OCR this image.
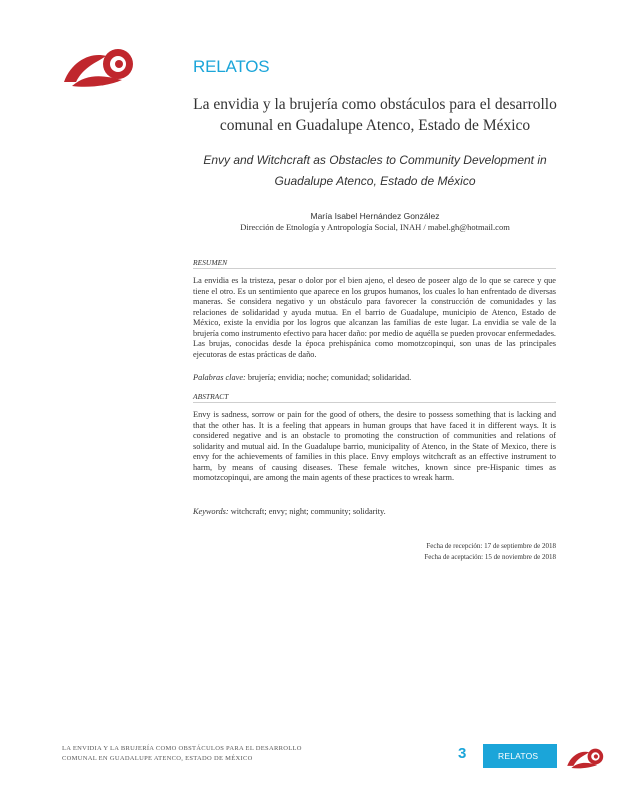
RELATOS
La envidia y la brujería como obstáculos para el desarrollo
comunal en Guadalupe Atenco, Estado de México
Envy and Witchcraft as Obstacles to Community Development in
Guadalupe Atenco, Estado de México
María Isabel Hernández González
Dirección de Etnología y Antropología Social, INAH / mabel.gh@hotmail.com
RESUMEN
La envidia es la tristeza, pesar o dolor por el bien ajeno, el deseo de poseer algo de lo que se carece y que tiene el otro. Es un sentimiento que aparece en los grupos humanos, los cuales lo han enfrentado de diversas maneras. Se considera negativo y un obstáculo para favorecer la construcción de comunidades y las relaciones de solidaridad y ayuda mutua. En el barrio de Guadalupe, municipio de Atenco, Estado de México, existe la envidia por los logros que alcanzan las familias de este lugar. La envidia se vale de la brujería como instrumento efectivo para hacer daño: por medio de aquélla se pueden provocar enfermedades. Las brujas, conocidas desde la época prehispánica como momotzcopinqui, son unas de las principales ejecutoras de estas prácticas de daño.
Palabras clave: brujería; envidia; noche; comunidad; solidaridad.
ABSTRACT
Envy is sadness, sorrow or pain for the good of others, the desire to possess something that is lacking and that the other has. It is a feeling that appears in human groups that have faced it in different ways. It is considered negative and is an obstacle to promoting the construction of communities and relations of solidarity and mutual aid. In the Guadalupe barrio, municipality of Atenco, in the State of Mexico, there is envy for the achievements of families in this place. Envy employs witchcraft as an effective instrument to harm, by means of causing diseases. These female witches, known since pre-Hispanic times as momotzcopinqui, are among the main agents of these practices to wreak harm.
Keywords: witchcraft; envy; night; community; solidarity.
Fecha de recepción: 17 de septiembre de 2018
Fecha de aceptación: 15 de noviembre de 2018
LA ENVIDIA Y LA BRUJERÍA COMO OBSTÁCULOS PARA EL DESARROLLO
COMUNAL EN GUADALUPE ATENCO, ESTADO DE MÉXICO	3	RELATOS
